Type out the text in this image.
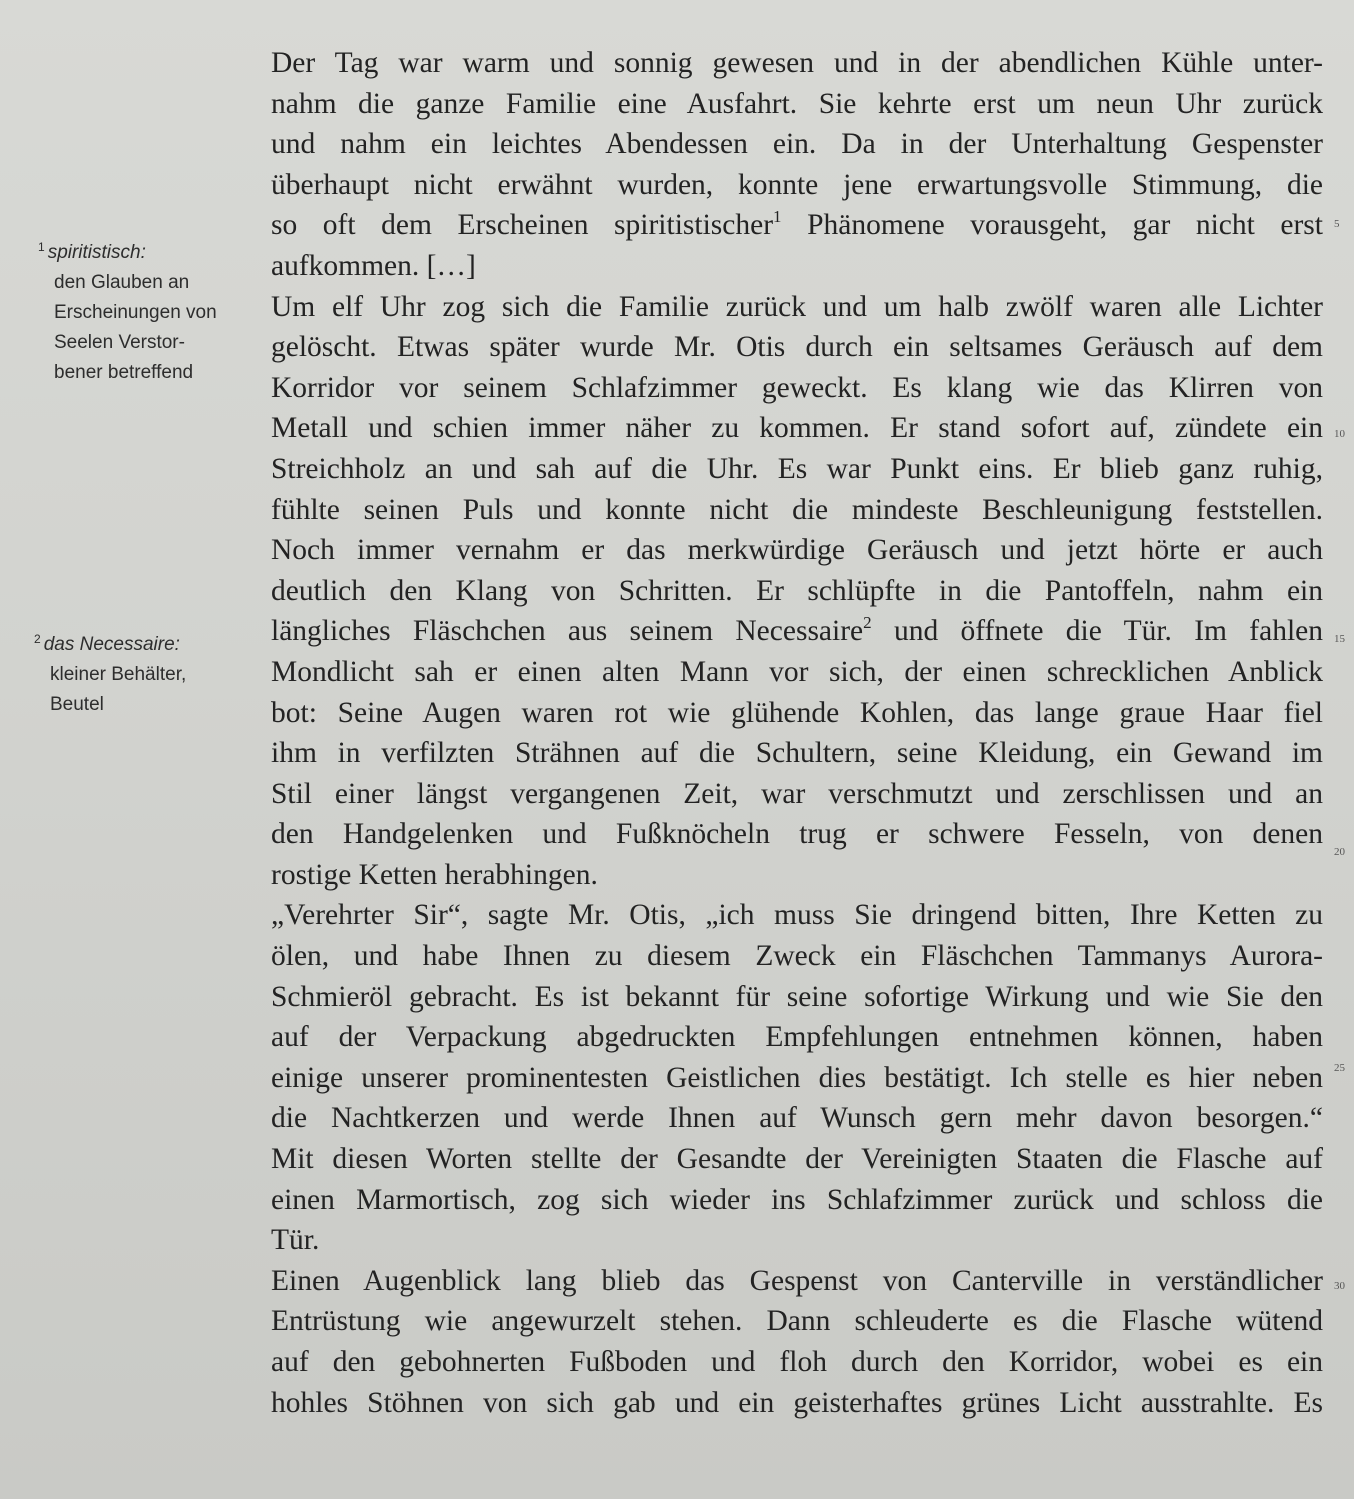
$^1$ spiritistisch:
den Glauben an
Erscheinungen von
Seelen Verstor-
bener betreffend
$^2$ das Necessaire:
kleiner Behälter,
Beutel
Der Tag war warm und sonnig gewesen und in der abendlichen Kühle unter-
nahm die ganze Familie eine Ausfahrt. Sie kehrte erst um neun Uhr zurück
und nahm ein leichtes Abendessen ein. Da in der Unterhaltung Gespenster
überhaupt nicht erwähnt wurden, konnte jene erwartungsvolle Stimmung, die
so oft dem Erscheinen spiritistischer$^1$ Phänomene vorausgeht, gar nicht erst
aufkommen. […]
Um elf Uhr zog sich die Familie zurück und um halb zwölf waren alle Lichter
gelöscht. Etwas später wurde Mr. Otis durch ein seltsames Geräusch auf dem
Korridor vor seinem Schlafzimmer geweckt. Es klang wie das Klirren von
Metall und schien immer näher zu kommen. Er stand sofort auf, zündete ein
Streichholz an und sah auf die Uhr. Es war Punkt eins. Er blieb ganz ruhig,
fühlte seinen Puls und konnte nicht die mindeste Beschleunigung feststellen.
Noch immer vernahm er das merkwürdige Geräusch und jetzt hörte er auch
deutlich den Klang von Schritten. Er schlüpfte in die Pantoffeln, nahm ein
längliches Fläschchen aus seinem Necessaire$^2$ und öffnete die Tür. Im fahlen
Mondlicht sah er einen alten Mann vor sich, der einen schrecklichen Anblick
bot: Seine Augen waren rot wie glühende Kohlen, das lange graue Haar fiel
ihm in verfilzten Strähnen auf die Schultern, seine Kleidung, ein Gewand im
Stil einer längst vergangenen Zeit, war verschmutzt und zerschlissen und an
den Handgelenken und Fußknöcheln trug er schwere Fesseln, von denen
rostige Ketten herabhingen.
„Verehrter Sir“, sagte Mr. Otis, „ich muss Sie dringend bitten, Ihre Ketten zu
ölen, und habe Ihnen zu diesem Zweck ein Fläschchen Tammanys Aurora-
Schmieröl gebracht. Es ist bekannt für seine sofortige Wirkung und wie Sie den
auf der Verpackung abgedruckten Empfehlungen entnehmen können, haben
einige unserer prominentesten Geistlichen dies bestätigt. Ich stelle es hier neben
die Nachtkerzen und werde Ihnen auf Wunsch gern mehr davon besorgen.“
Mit diesen Worten stellte der Gesandte der Vereinigten Staaten die Flasche auf
einen Marmortisch, zog sich wieder ins Schlafzimmer zurück und schloss die
Tür.
Einen Augenblick lang blieb das Gespenst von Canterville in verständlicher
Entrüstung wie angewurzelt stehen. Dann schleuderte es die Flasche wütend
auf den gebohnerten Fußboden und floh durch den Korridor, wobei es ein
hohles Stöhnen von sich gab und ein geisterhaftes grünes Licht ausstrahlte. Es
5
10
15
20
25
30
